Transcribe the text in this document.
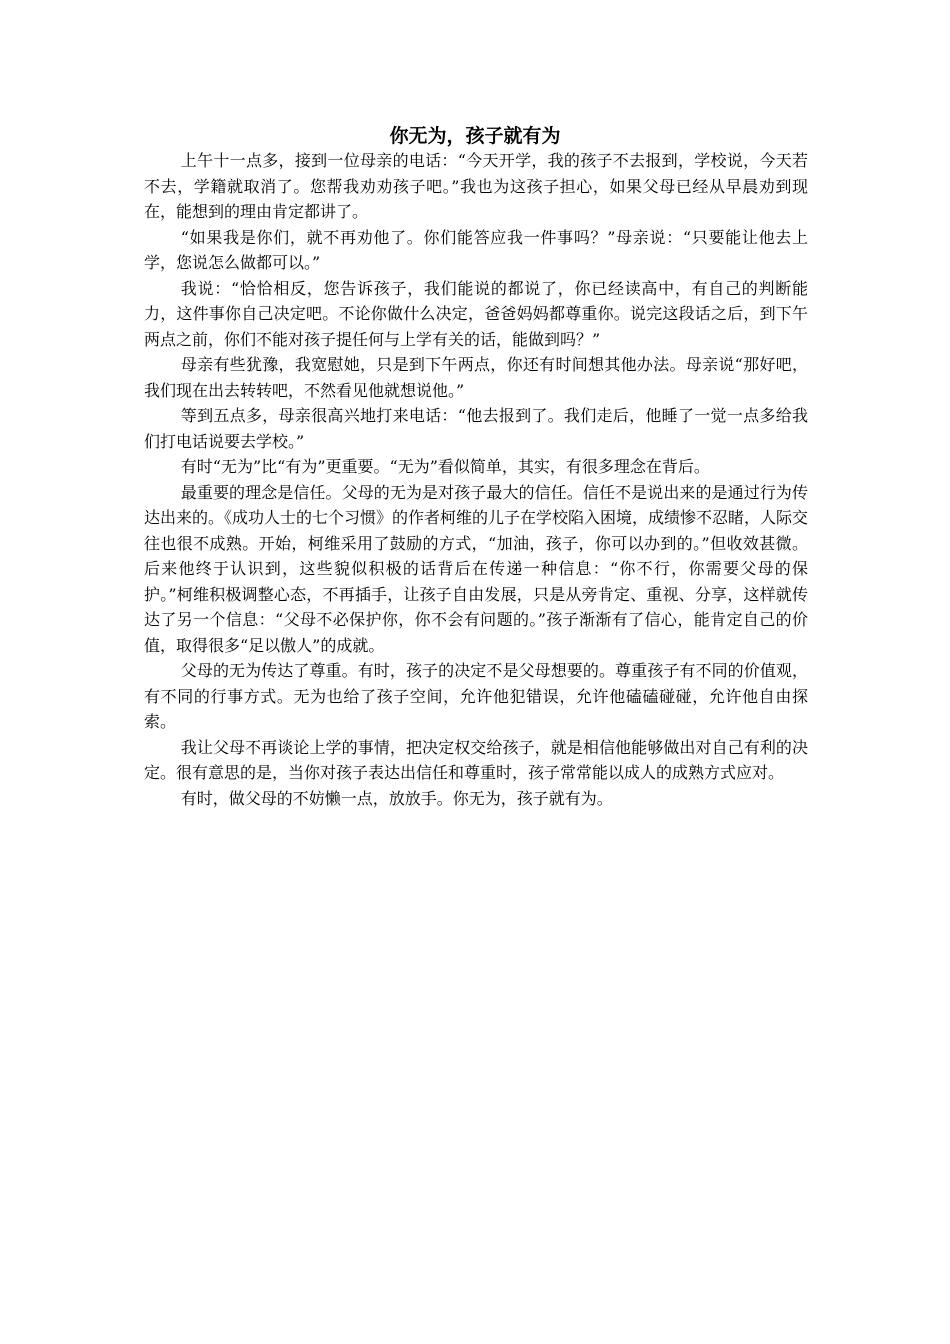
你无为，孩子就有为

上午十一点多，接到一位母亲的电话：“今天开学，我的孩子不去报到，学校说，今天若不去，学籍就取消了。您帮我劝劝孩子吧。”我也为这孩子担心，如果父母已经从早晨劝到现在，能想到的理由肯定都讲了。

“如果我是你们，就不再劝他了。你们能答应我一件事吗？”母亲说：“只要能让他去上学，您说怎么做都可以。”

我说：“恰恰相反，您告诉孩子，我们能说的都说了，你已经读高中，有自己的判断能力，这件事你自己决定吧。不论你做什么决定，爸爸妈妈都尊重你。说完这段话之后，到下午两点之前，你们不能对孩子提任何与上学有关的话，能做到吗？”

母亲有些犹豫，我宽慰她，只是到下午两点，你还有时间想其他办法。母亲说“那好吧，我们现在出去转转吧，不然看见他就想说他。”

等到五点多，母亲很高兴地打来电话：“他去报到了。我们走后，他睡了一觉一点多给我们打电话说要去学校。”

有时“无为”比“有为”更重要。“无为”看似简单，其实，有很多理念在背后。

最重要的理念是信任。父母的无为是对孩子最大的信任。信任不是说出来的是通过行为传达出来的。《成功人士的七个习惯》的作者柯维的儿子在学校陷入困境，成绩惨不忍睹，人际交往也很不成熟。开始，柯维采用了鼓励的方式，“加油，孩子，你可以办到的。”但收效甚微。后来他终于认识到，这些貌似积极的话背后在传递一种信息：“你不行，你需要父母的保护。”柯维积极调整心态，不再插手，让孩子自由发展，只是从旁肯定、重视、分享，这样就传达了另一个信息：“父母不必保护你，你不会有问题的。”孩子渐渐有了信心，能肯定自己的价值，取得很多“足以傲人”的成就。

父母的无为传达了尊重。有时，孩子的决定不是父母想要的。尊重孩子有不同的价值观，有不同的行事方式。无为也给了孩子空间，允许他犯错误，允许他磕磕碰碰，允许他自由探索。

我让父母不再谈论上学的事情，把决定权交给孩子，就是相信他能够做出对自己有利的决定。很有意思的是，当你对孩子表达出信任和尊重时，孩子常常能以成人的成熟方式应对。

有时，做父母的不妨懒一点，放放手。你无为，孩子就有为。
